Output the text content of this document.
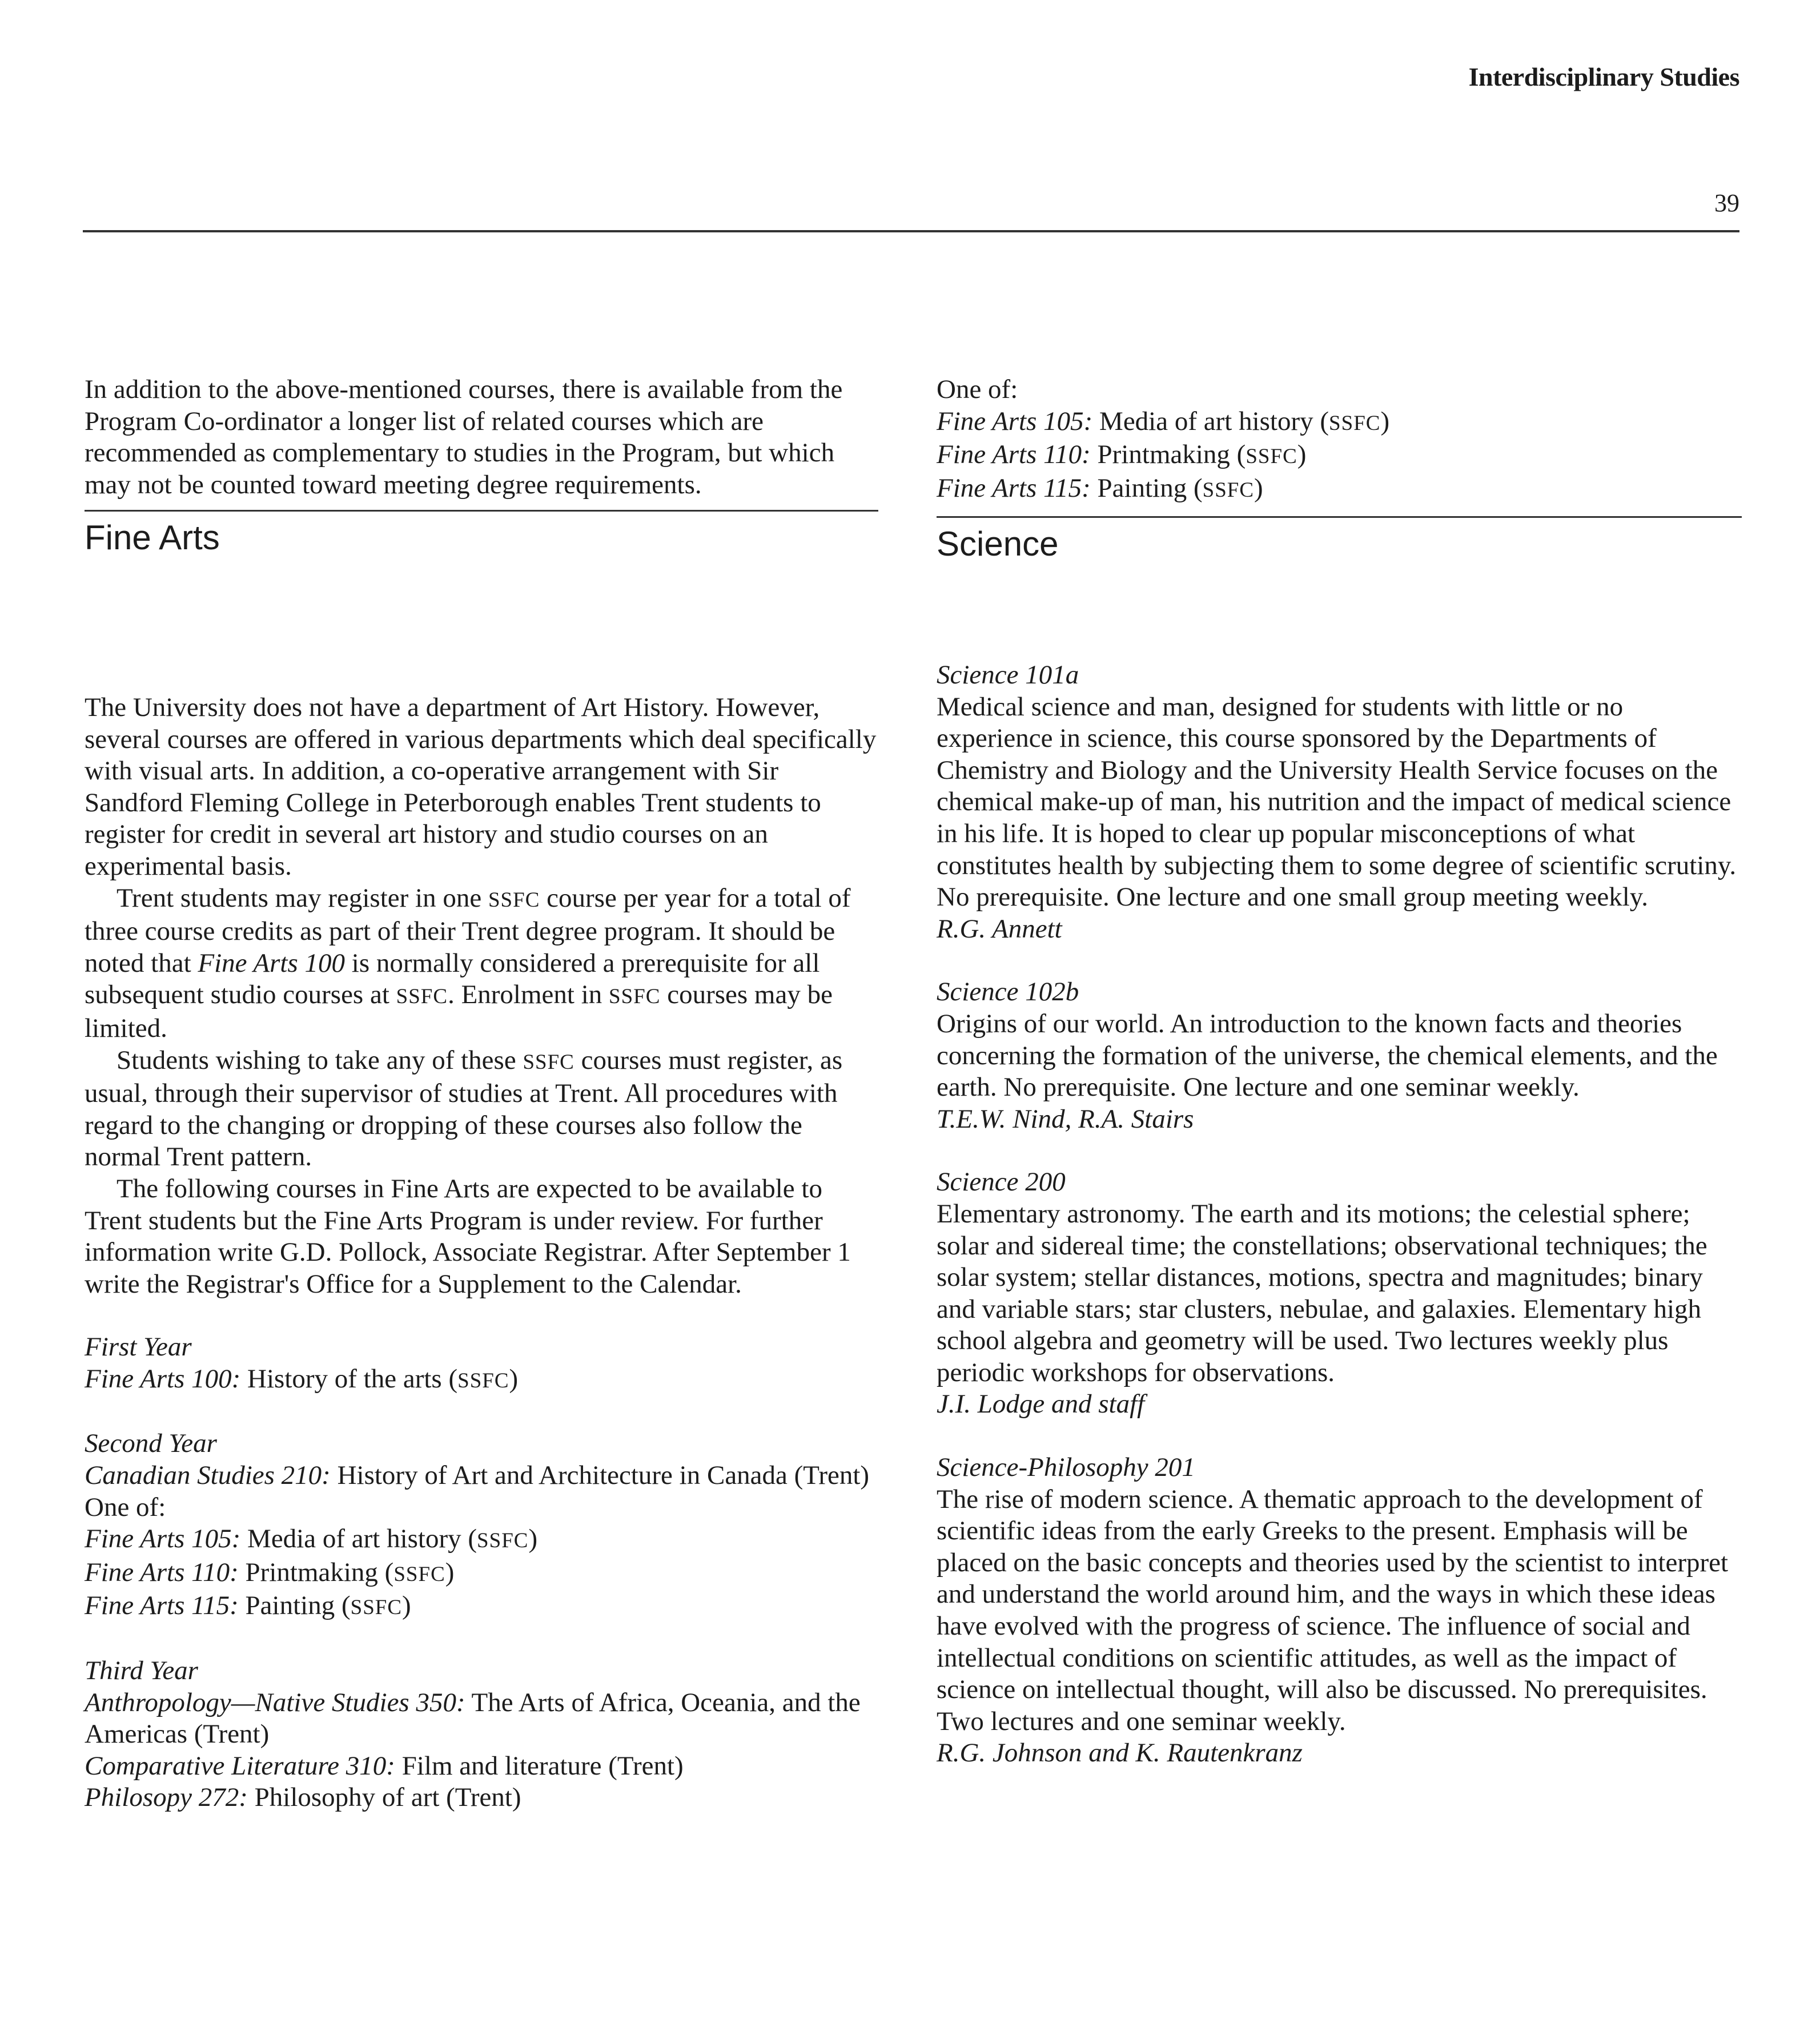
Interdisciplinary Studies
39

In addition to the above-mentioned courses, there is available from the Program Co-ordinator a longer list of related courses which are recommended as complementary to studies in the Program, but which may not be counted toward meeting degree requirements.

Fine Arts

The University does not have a department of Art History. However, several courses are offered in various departments which deal specifically with visual arts. In addition, a co-operative arrangement with Sir Sandford Fleming College in Peterborough enables Trent students to register for credit in several art history and studio courses on an experimental basis.

Trent students may register in one SSFC course per year for a total of three course credits as part of their Trent degree program. It should be noted that Fine Arts 100 is normally considered a prerequisite for all subsequent studio courses at SSFC. Enrolment in SSFC courses may be limited.

Students wishing to take any of these SSFC courses must register, as usual, through their supervisor of studies at Trent. All procedures with regard to the changing or dropping of these courses also follow the normal Trent pattern.

The following courses in Fine Arts are expected to be available to Trent students but the Fine Arts Program is under review. For further information write G.D. Pollock, Associate Registrar. After September 1 write the Registrar's Office for a Supplement to the Calendar.

First Year

Fine Arts 100: History of the arts (SSFC)

Second Year

Canadian Studies 210: History of Art and Architecture in Canada (Trent)

One of:

Fine Arts 105: Media of art history (SSFC)

Fine Arts 110: Printmaking (SSFC)

Fine Arts 115: Painting (SSFC)

Third Year

Anthropology—Native Studies 350: The Arts of Africa, Oceania, and the Americas (Trent)

Comparative Literature 310: Film and literature (Trent)

Philosopy 272: Philosophy of art (Trent)

One of:

Fine Arts 105: Media of art history (SSFC)

Fine Arts 110: Printmaking (SSFC)

Fine Arts 115: Painting (SSFC)

Science

Science 101a

Medical science and man, designed for students with little or no experience in science, this course sponsored by the Departments of Chemistry and Biology and the University Health Service focuses on the chemical make-up of man, his nutrition and the impact of medical science in his life. It is hoped to clear up popular misconceptions of what constitutes health by subjecting them to some degree of scientific scrutiny. No prerequisite. One lecture and one small group meeting weekly.

R.G. Annett

Science 102b

Origins of our world. An introduction to the known facts and theories concerning the formation of the universe, the chemical elements, and the earth. No prerequisite. One lecture and one seminar weekly.

T.E.W. Nind, R.A. Stairs

Science 200

Elementary astronomy. The earth and its motions; the celestial sphere; solar and sidereal time; the constellations; observational techniques; the solar system; stellar distances, motions, spectra and magnitudes; binary and variable stars; star clusters, nebulae, and galaxies. Elementary high school algebra and geometry will be used. Two lectures weekly plus periodic workshops for observations.

J.I. Lodge and staff

Science-Philosophy 201

The rise of modern science. A thematic approach to the development of scientific ideas from the early Greeks to the present. Emphasis will be placed on the basic concepts and theories used by the scientist to interpret and understand the world around him, and the ways in which these ideas have evolved with the progress of science. The influence of social and intellectual conditions on scientific attitudes, as well as the impact of science on intellectual thought, will also be discussed. No prerequisites. Two lectures and one seminar weekly.

R.G. Johnson and K. Rautenkranz
